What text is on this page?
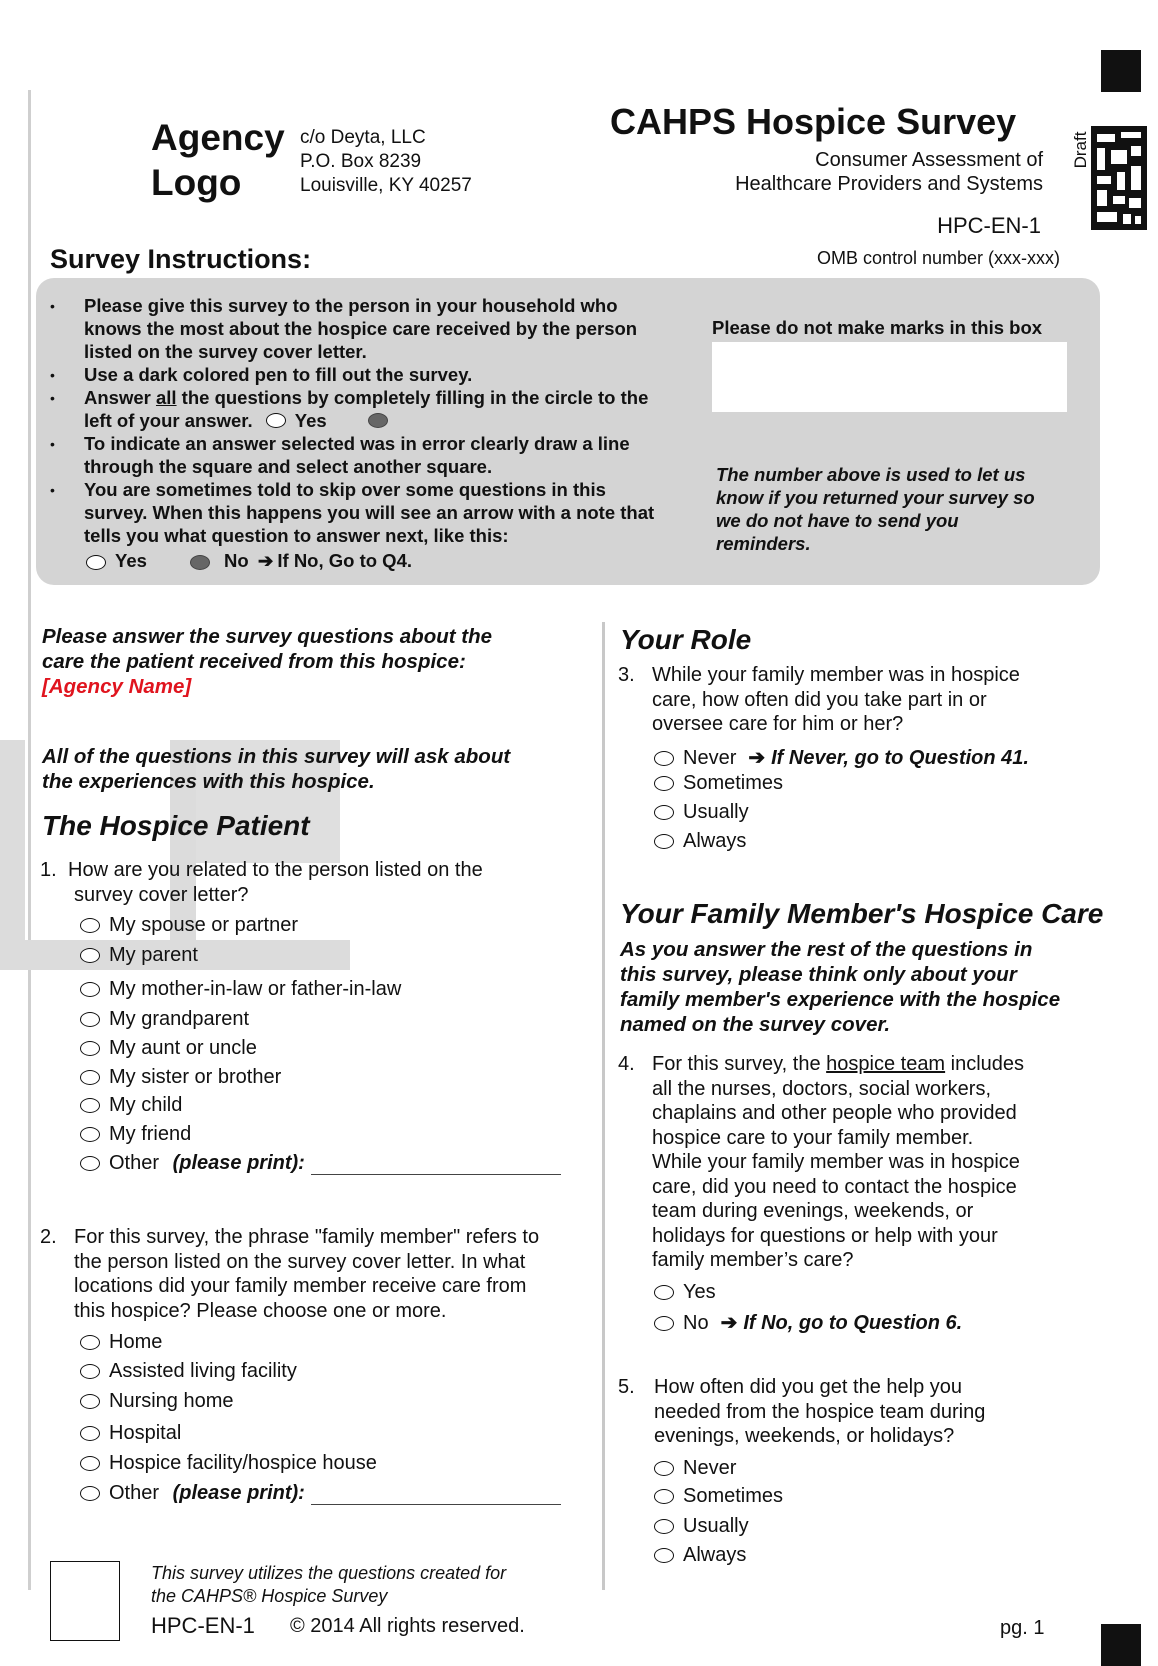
Draft
Agency
Logo
c/o Deyta, LLC
P.O. Box 8239
Louisville, KY 40257
CAHPS Hospice Survey
Consumer Assessment of
Healthcare Providers and Systems
HPC-EN-1
OMB control number (xxx-xxx)
Survey Instructions:
• Please give this survey to the person in your household who knows the most about the hospice care received by the person listed on the survey cover letter.
• Use a dark colored pen to fill out the survey.
• Answer all the questions by completely filling in the circle to the left of your answer. Yes
• To indicate an answer selected was in error clearly draw a line through the square and select another square.
• You are sometimes told to skip over some questions in this survey. When this happens you will see an arrow with a note that tells you what question to answer next, like this:
Yes	No ➔ If No, Go to Q4.
Please do not make marks in this box
The number above is used to let us know if you returned your survey so we do not have to send you reminders.
Please answer the survey questions about the
care the patient received from this hospice:
[Agency Name]
All of the questions in this survey will ask about
the experiences with this hospice.
The Hospice Patient
1. How are you related to the person listed on the
survey cover letter?
My spouse or partner
My parent
My mother-in-law or father-in-law
My grandparent
My aunt or uncle
My sister or brother
My child
My friend
Other (please print):
2. For this survey, the phrase "family member" refers to
the person listed on the survey cover letter. In what
locations did your family member receive care from
this hospice? Please choose one or more.
Home
Assisted living facility
Nursing home
Hospital
Hospice facility/hospice house
Other (please print):
Your Role
3. While your family member was in hospice
care, how often did you take part in or
oversee care for him or her?
Never ➔ If Never, go to Question 41.
Sometimes
Usually
Always
Your Family Member's Hospice Care
As you answer the rest of the questions in
this survey, please think only about your
family member's experience with the hospice
named on the survey cover.
4. For this survey, the hospice team includes
all the nurses, doctors, social workers,
chaplains and other people who provided
hospice care to your family member.
While your family member was in hospice
care, did you need to contact the hospice
team during evenings, weekends, or
holidays for questions or help with your
family member’s care?
Yes
No ➔ If No, go to Question 6.
5. How often did you get the help you
needed from the hospice team during
evenings, weekends, or holidays?
Never
Sometimes
Usually
Always
This survey utilizes the questions created for
the CAHPS® Hospice Survey
HPC-EN-1 © 2014 All rights reserved.	pg. 1
